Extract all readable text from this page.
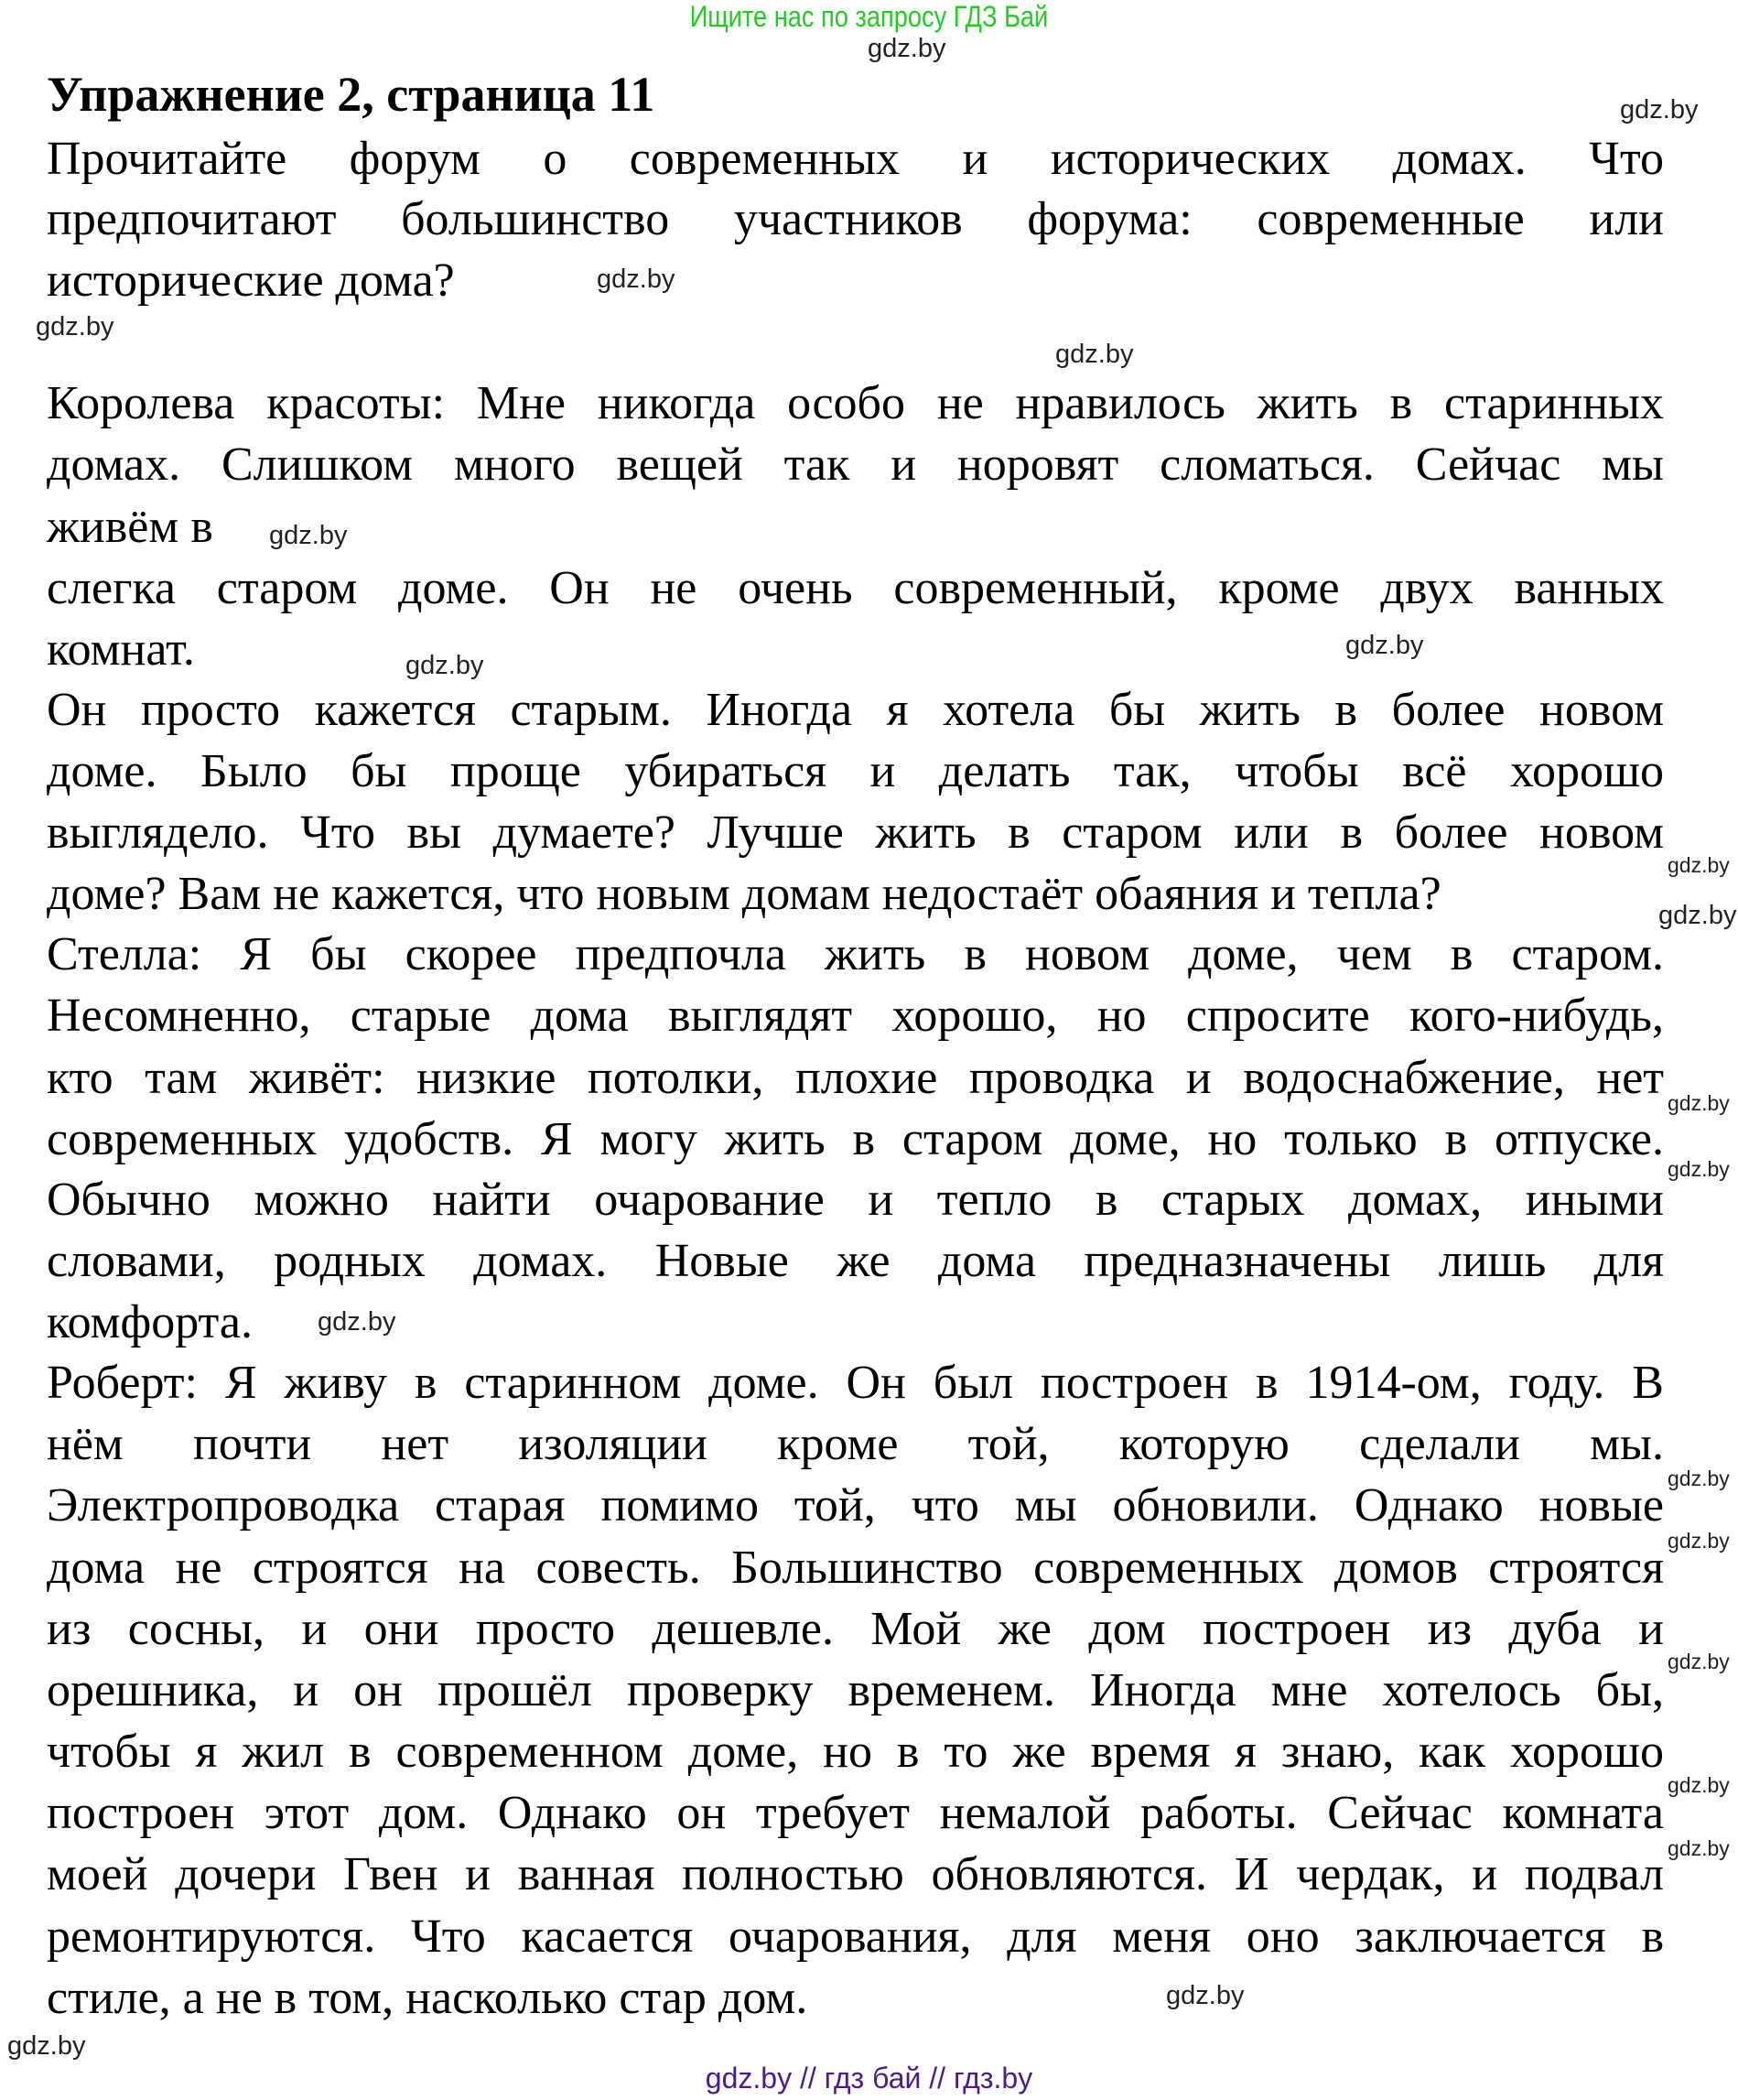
Ищите нас по запросу ГДЗ Бай
Упражнение 2, страница 11
Прочитайте форум о современных и исторических домах. Что
предпочитают большинство участников форума: современные или
исторические дома?
Королева красоты: Мне никогда особо не нравилось жить в старинных
домах. Слишком много вещей так и норовят сломаться. Сейчас мы
живём в
слегка старом доме. Он не очень современный, кроме двух ванных
комнат.
Он просто кажется старым. Иногда я хотела бы жить в более новом
доме. Было бы проще убираться и делать так, чтобы всё хорошо
выглядело. Что вы думаете? Лучше жить в старом или в более новом
доме? Вам не кажется, что новым домам недостаёт обаяния и тепла?
Стелла: Я бы скорее предпочла жить в новом доме, чем в старом.
Несомненно, старые дома выглядят хорошо, но спросите кого-нибудь,
кто там живёт: низкие потолки, плохие проводка и водоснабжение, нет
современных удобств. Я могу жить в старом доме, но только в отпуске.
Обычно можно найти очарование и тепло в старых домах, иными
словами, родных домах. Новые же дома предназначены лишь для
комфорта.
Роберт: Я живу в старинном доме. Он был построен в 1914-ом, году. В
нём почти нет изоляции кроме той, которую сделали мы.
Электропроводка старая помимо той, что мы обновили. Однако новые
дома не строятся на совесть. Большинство современных домов строятся
из сосны, и они просто дешевле. Мой же дом построен из дуба и
орешника, и он прошёл проверку временем. Иногда мне хотелось бы,
чтобы я жил в современном доме, но в то же время я знаю, как хорошо
построен этот дом. Однако он требует немалой работы. Сейчас комната
моей дочери Гвен и ванная полностью обновляются. И чердак, и подвал
ремонтируются. Что касается очарования, для меня оно заключается в
стиле, а не в том, насколько стар дом.
gdz.by
gdz.by
gdz.by
gdz.by
gdz.by
gdz.by
gdz.by
gdz.by
gdz.by
gdz.by
gdz.by
gdz.by
gdz.by
gdz.by
gdz.by
gdz.by
gdz.by
gdz.by
gdz.by
gdz.by
gdz.by // гдз бай // гдз.by
